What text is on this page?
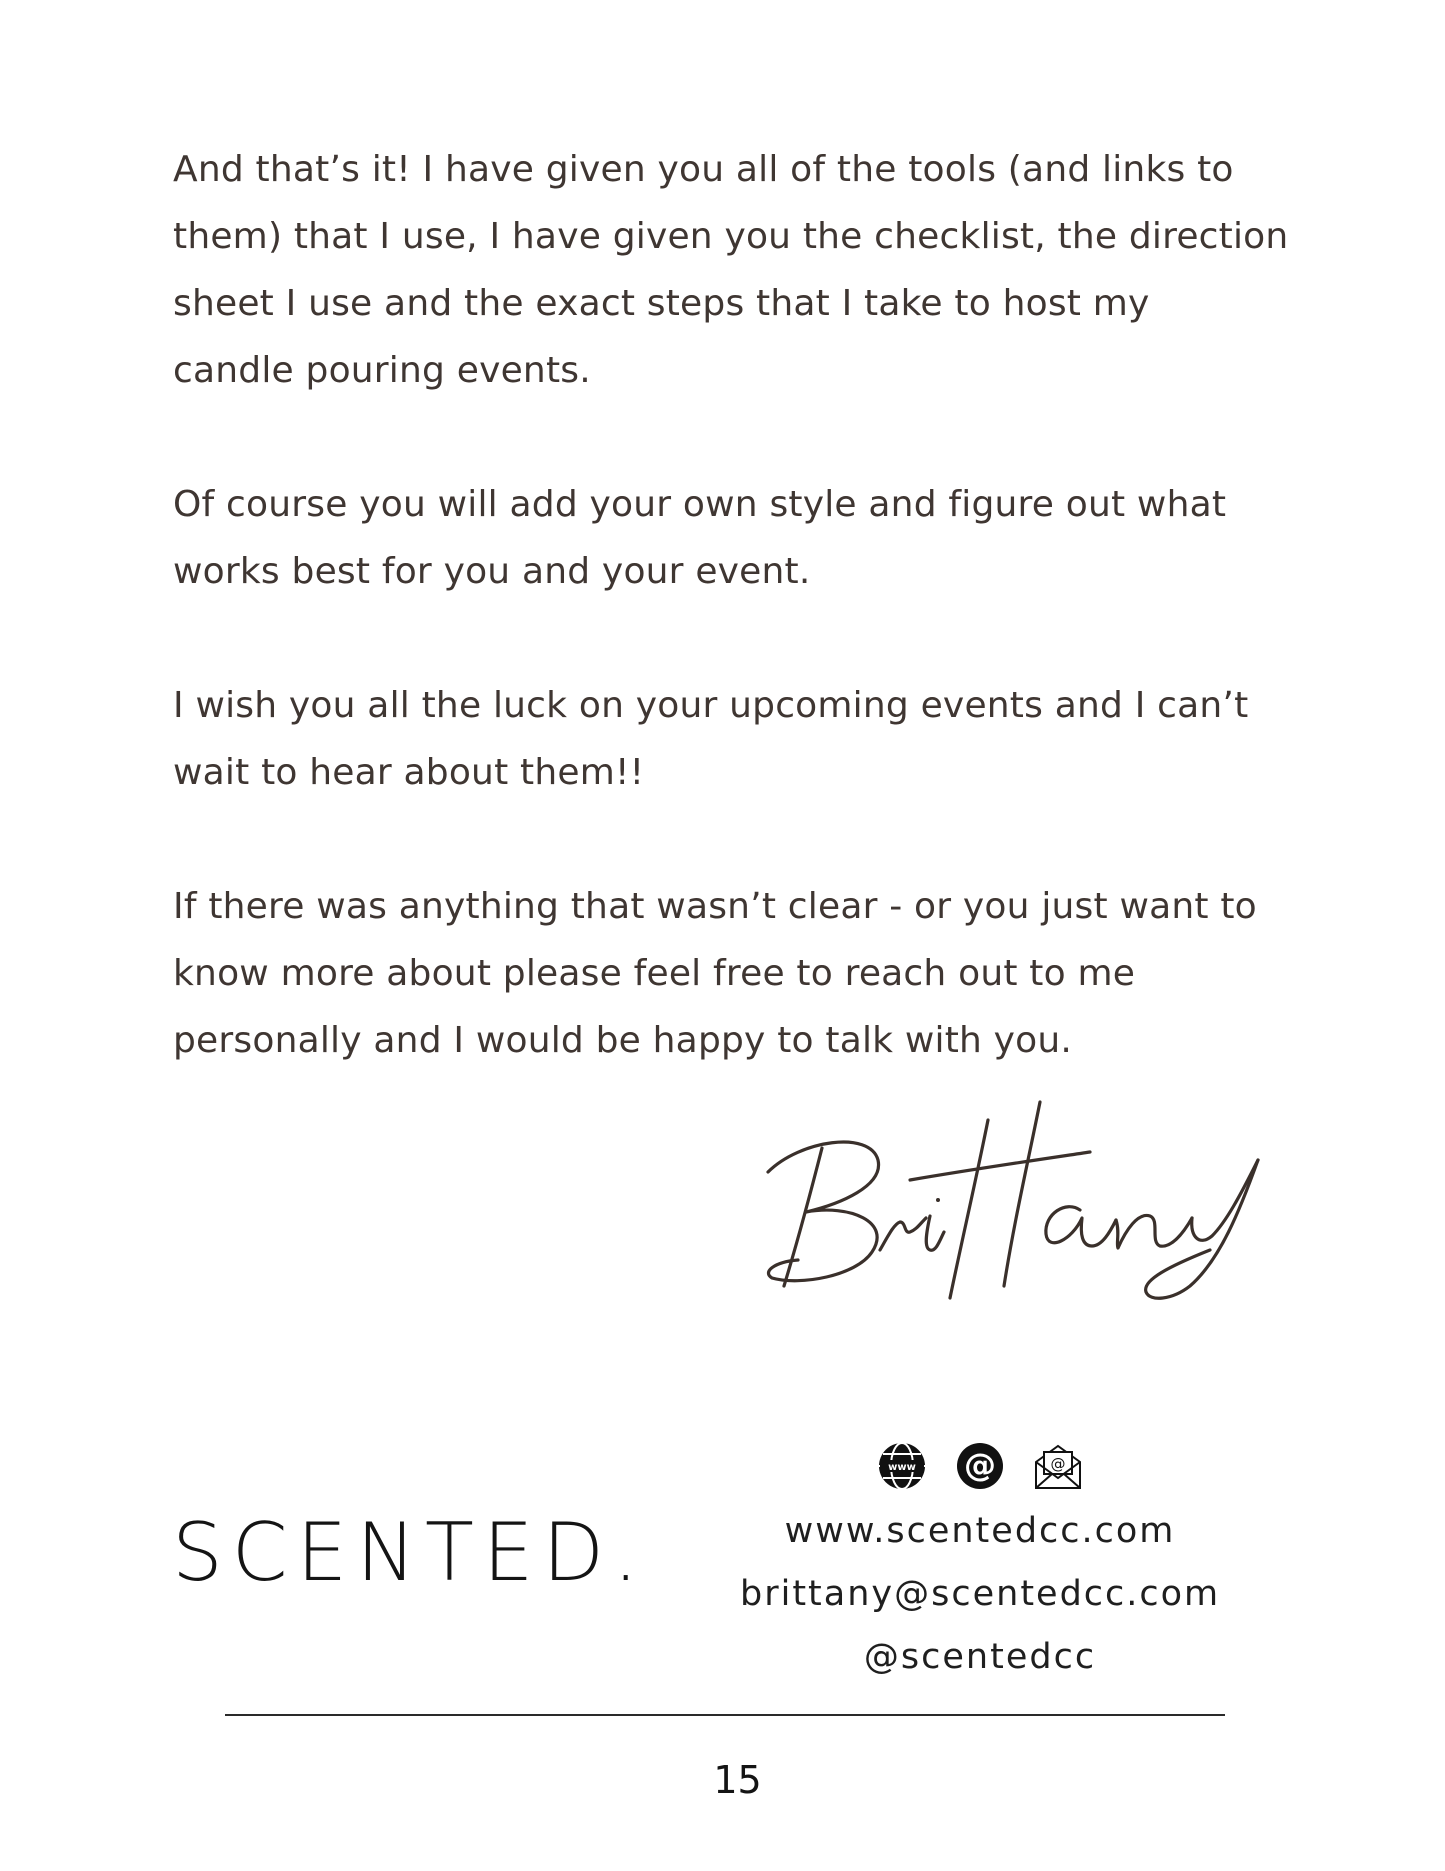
And that’s it! I have given you all of the tools (and links to
them) that I use, I have given you the checklist, the direction
sheet I use and the exact steps that I take to host my
candle pouring events.

Of course you will add your own style and figure out what
works best for you and your event.

I wish you all the luck on your upcoming events and I can’t
wait to hear about them!!

If there was anything that wasn’t clear - or you just want to
know more about please feel free to reach out to me
personally and I would be happy to talk with you.

SCENTED.
www @	@
www.scentedcc.com
brittany@scentedcc.com
@scentedcc
15
